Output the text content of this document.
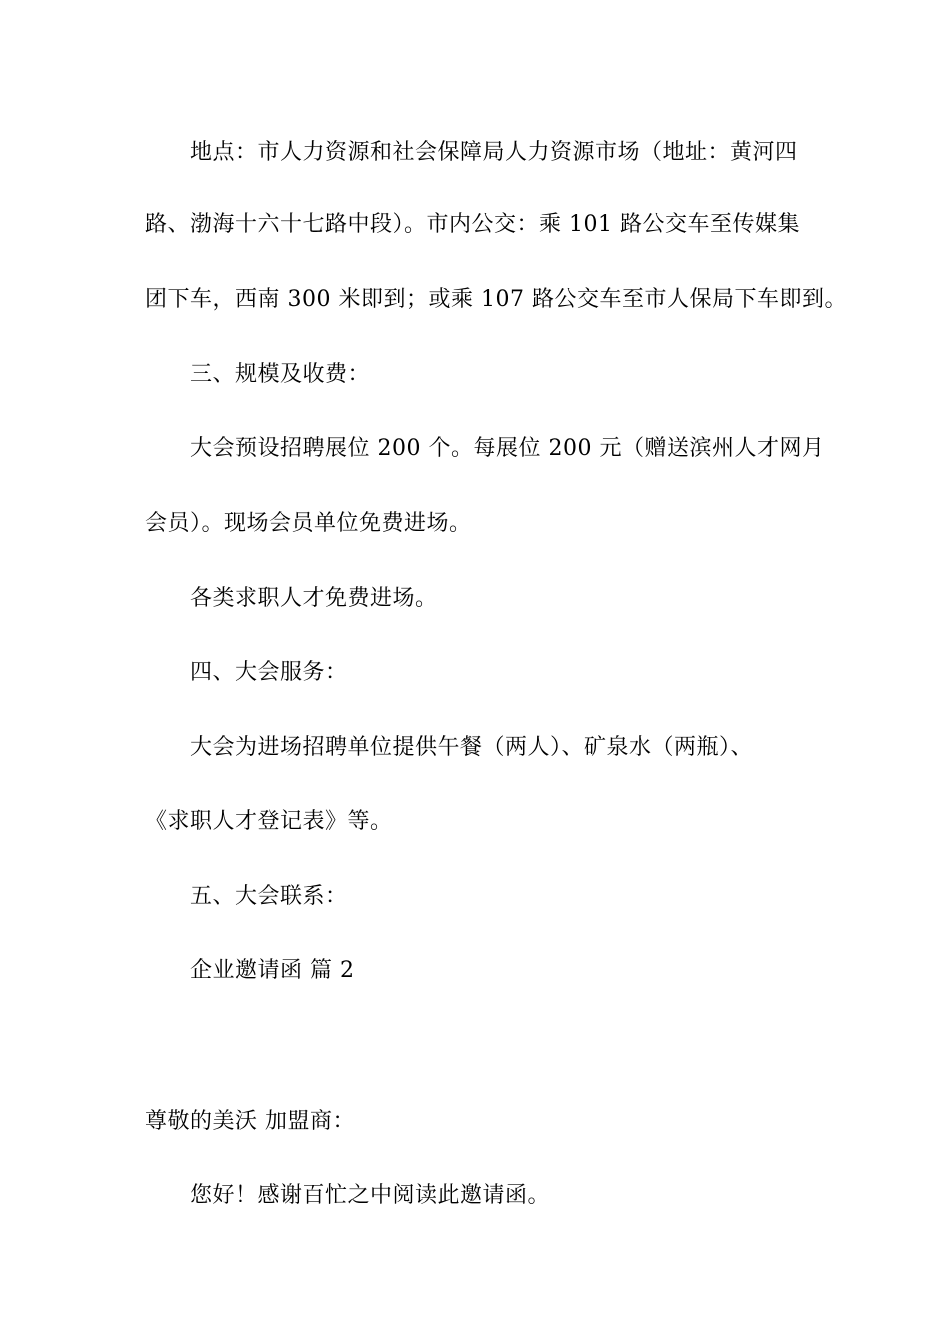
地点：市人力资源和社会保障局人力资源市场（地址：黄河四

路、渤海十六十七路中段）。市内公交：乘 101 路公交车至传媒集

团下车，西南 300 米即到；或乘 107 路公交车至市人保局下车即到。

三、规模及收费：

大会预设招聘展位 200 个。每展位 200 元（赠送滨州人才网月

会员）。现场会员单位免费进场。

各类求职人才免费进场。

四、大会服务：

大会为进场招聘单位提供午餐（两人）、矿泉水（两瓶）、

《求职人才登记表》等。

五、大会联系：

企业邀请函 篇 2

尊敬的美沃 加盟商：

您好！感谢百忙之中阅读此邀请函。
